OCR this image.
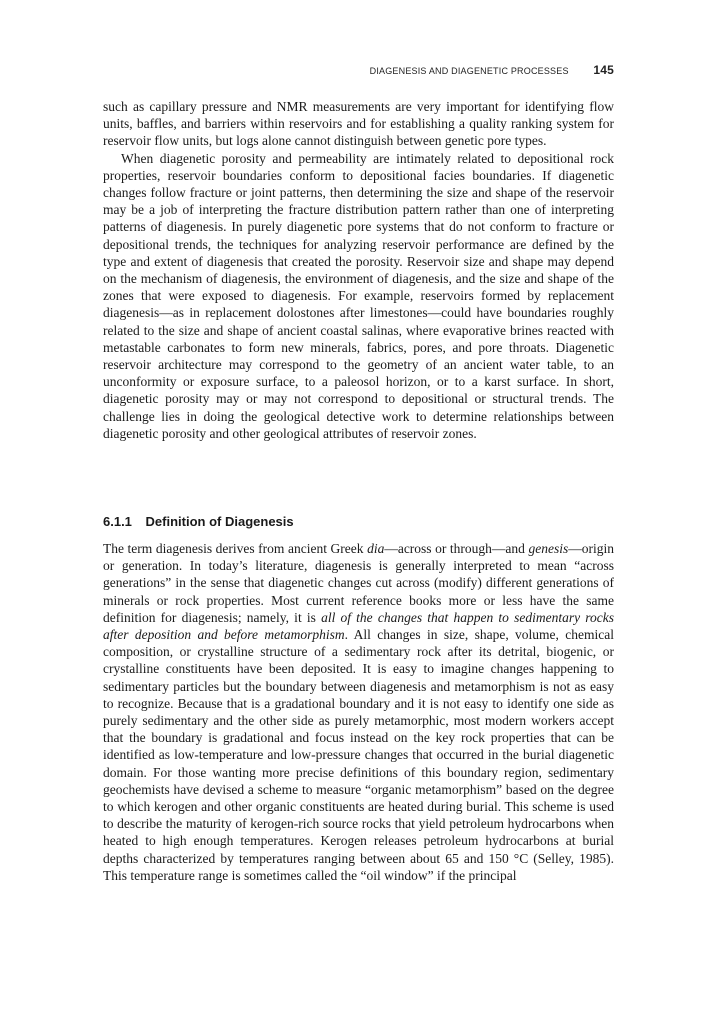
DIAGENESIS AND DIAGENETIC PROCESSES 145

such as capillary pressure and NMR measurements are very important for identifying flow units, baffles, and barriers within reservoirs and for establishing a quality ranking system for reservoir flow units, but logs alone cannot distinguish between genetic pore types.

When diagenetic porosity and permeability are intimately related to depositional rock properties, reservoir boundaries conform to depositional facies boundaries. If diagenetic changes follow fracture or joint patterns, then determining the size and shape of the reservoir may be a job of interpreting the fracture distribution pattern rather than one of interpreting patterns of diagenesis. In purely diagenetic pore systems that do not conform to fracture or depositional trends, the techniques for analyzing reservoir performance are defined by the type and extent of diagenesis that created the porosity. Reservoir size and shape may depend on the mechanism of diagenesis, the environment of diagenesis, and the size and shape of the zones that were exposed to diagenesis. For example, reservoirs formed by replacement diagenesis—as in replacement dolostones after limestones—could have boundaries roughly related to the size and shape of ancient coastal salinas, where evaporative brines reacted with metastable carbonates to form new minerals, fabrics, pores, and pore throats. Diagenetic reservoir architecture may correspond to the geometry of an ancient water table, to an unconformity or exposure surface, to a paleosol horizon, or to a karst surface. In short, diagenetic porosity may or may not correspond to depositional or structural trends. The challenge lies in doing the geological detective work to determine relationships between diagenetic porosity and other geological attributes of reservoir zones.

6.1.1 Definition of Diagenesis

The term diagenesis derives from ancient Greek dia—across or through—and genesis—origin or generation. In today’s literature, diagenesis is generally interpreted to mean “across generations” in the sense that diagenetic changes cut across (modify) different generations of minerals or rock properties. Most current reference books more or less have the same definition for diagenesis; namely, it is all of the changes that happen to sedimentary rocks after deposition and before metamorphism. All changes in size, shape, volume, chemical composition, or crystalline structure of a sedimentary rock after its detrital, biogenic, or crystalline constituents have been deposited. It is easy to imagine changes happening to sedimentary particles but the boundary between diagenesis and metamorphism is not as easy to recognize. Because that is a gradational boundary and it is not easy to identify one side as purely sedimentary and the other side as purely metamorphic, most modern workers accept that the boundary is gradational and focus instead on the key rock properties that can be identified as low-temperature and low-pressure changes that occurred in the burial diagenetic domain. For those wanting more precise definitions of this boundary region, sedimentary geochemists have devised a scheme to measure “organic metamorphism” based on the degree to which kerogen and other organic constituents are heated during burial. This scheme is used to describe the maturity of kerogen-rich source rocks that yield petroleum hydrocarbons when heated to high enough temperatures. Kerogen releases petroleum hydrocarbons at burial depths characterized by temperatures ranging between about 65 and 150 °C (Selley, 1985). This temperature range is sometimes called the “oil window” if the principal
